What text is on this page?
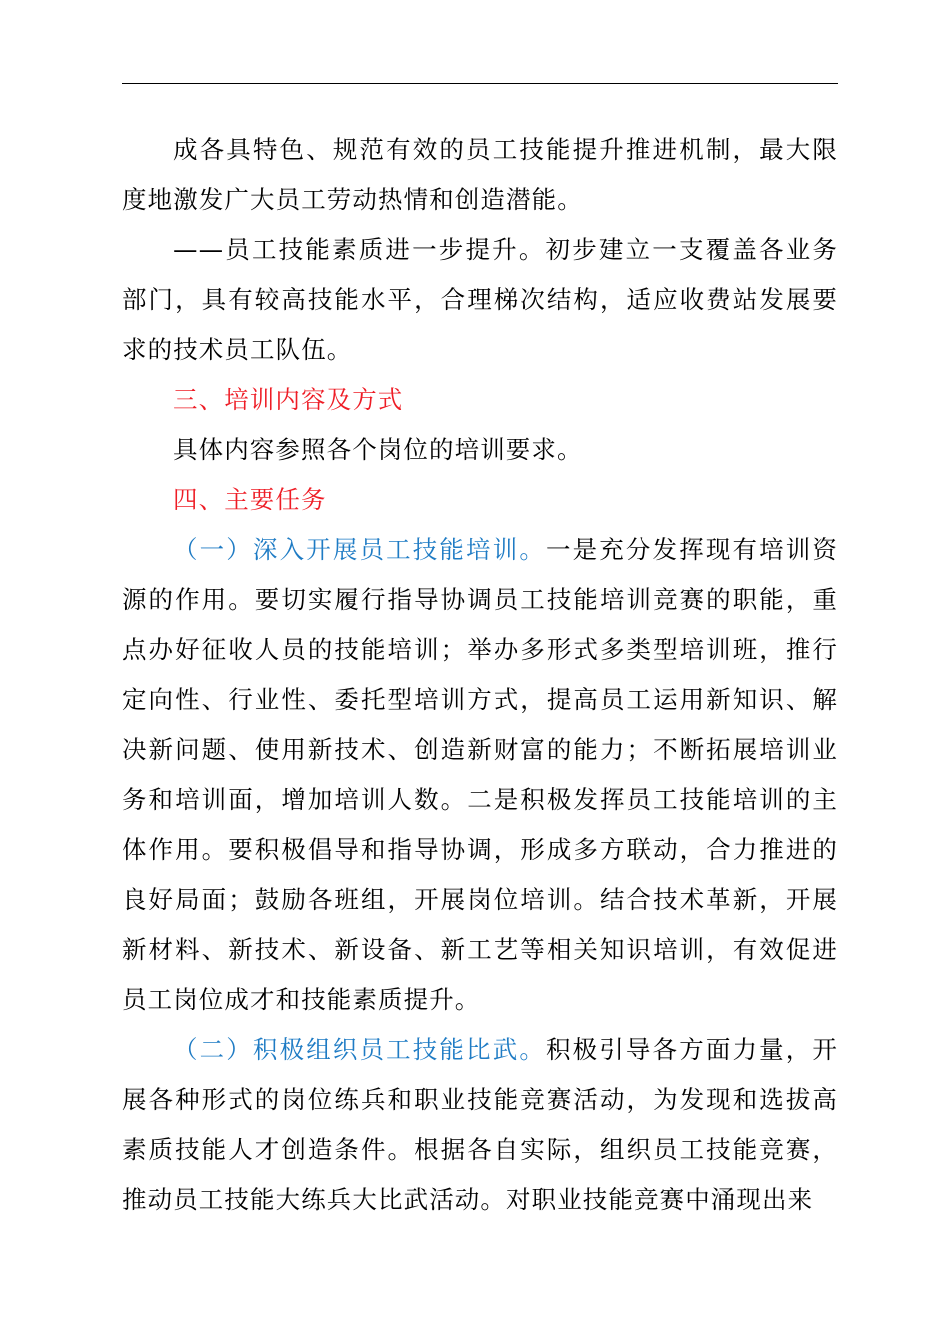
成各具特色、规范有效的员工技能提升推进机制，最大限度地激发广大员工劳动热情和创造潜能。

——员工技能素质进一步提升。初步建立一支覆盖各业务部门，具有较高技能水平，合理梯次结构，适应收费站发展要求的技术员工队伍。

三、培训内容及方式

具体内容参照各个岗位的培训要求。

四、主要任务

（一）深入开展员工技能培训。一是充分发挥现有培训资源的作用。要切实履行指导协调员工技能培训竞赛的职能，重点办好征收人员的技能培训；举办多形式多类型培训班，推行定向性、行业性、委托型培训方式，提高员工运用新知识、解决新问题、使用新技术、创造新财富的能力；不断拓展培训业务和培训面，增加培训人数。二是积极发挥员工技能培训的主体作用。要积极倡导和指导协调，形成多方联动，合力推进的良好局面；鼓励各班组，开展岗位培训。结合技术革新，开展新材料、新技术、新设备、新工艺等相关知识培训，有效促进员工岗位成才和技能素质提升。

（二）积极组织员工技能比武。积极引导各方面力量，开展各种形式的岗位练兵和职业技能竞赛活动，为发现和选拔高素质技能人才创造条件。根据各自实际，组织员工技能竞赛，推动员工技能大练兵大比武活动。对职业技能竞赛中涌现出来
